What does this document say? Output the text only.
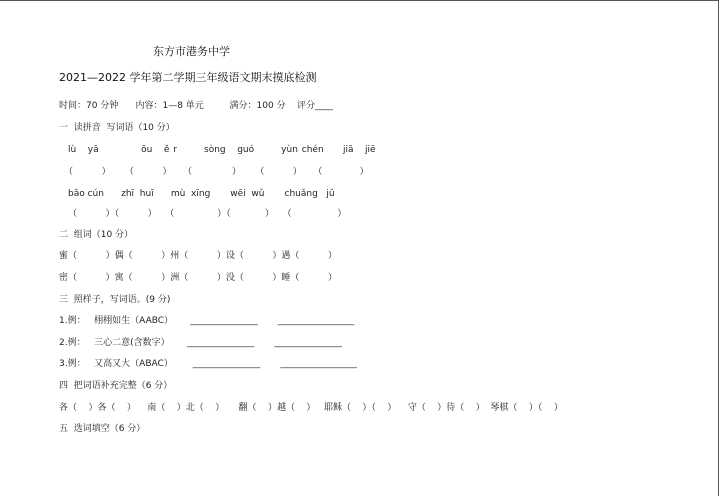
东方市港务中学
2021—2022 学年第二学期三年级语文期末摸底检测
时间：70 分钟      内容：1—8 单元         满分：100 分    评分____
一  读拼音  写词语（10 分）
lù   yā           ōu   ě r       sòng   guó       yùn chén     jiā   jiē
（          ）     （          ）    （              ）     （          ）    （             ）
bǎo cún      zhī  huī      mù  xīng       wēi  wǔ       chuǎng   jǔ
（          ）（          ）   （               ）（            ）   （                ）
二  组词（10 分）
蜜（          ）偶（          ）州（          ）设（          ）遇（          ）
密（          ）寓（          ）洲（          ）没（          ）睡（          ）
三  照样子，写词语。(9 分)
1.例：   栩栩如生（AABC）      _______________       _________________
2.例：   三心二意(含数字）      _______________       _______________
3.例：   又高又大（ABAC）       _______________       _________________
四  把词语补充完整（6 分）
各（    ）各（    ）    南（    ）北（    ）     翻（    ）越（    ）   耶稣（    ）（    ）    守（    ）待（    ）  琴棋（    ）（    ）
五  选词填空（6 分）
